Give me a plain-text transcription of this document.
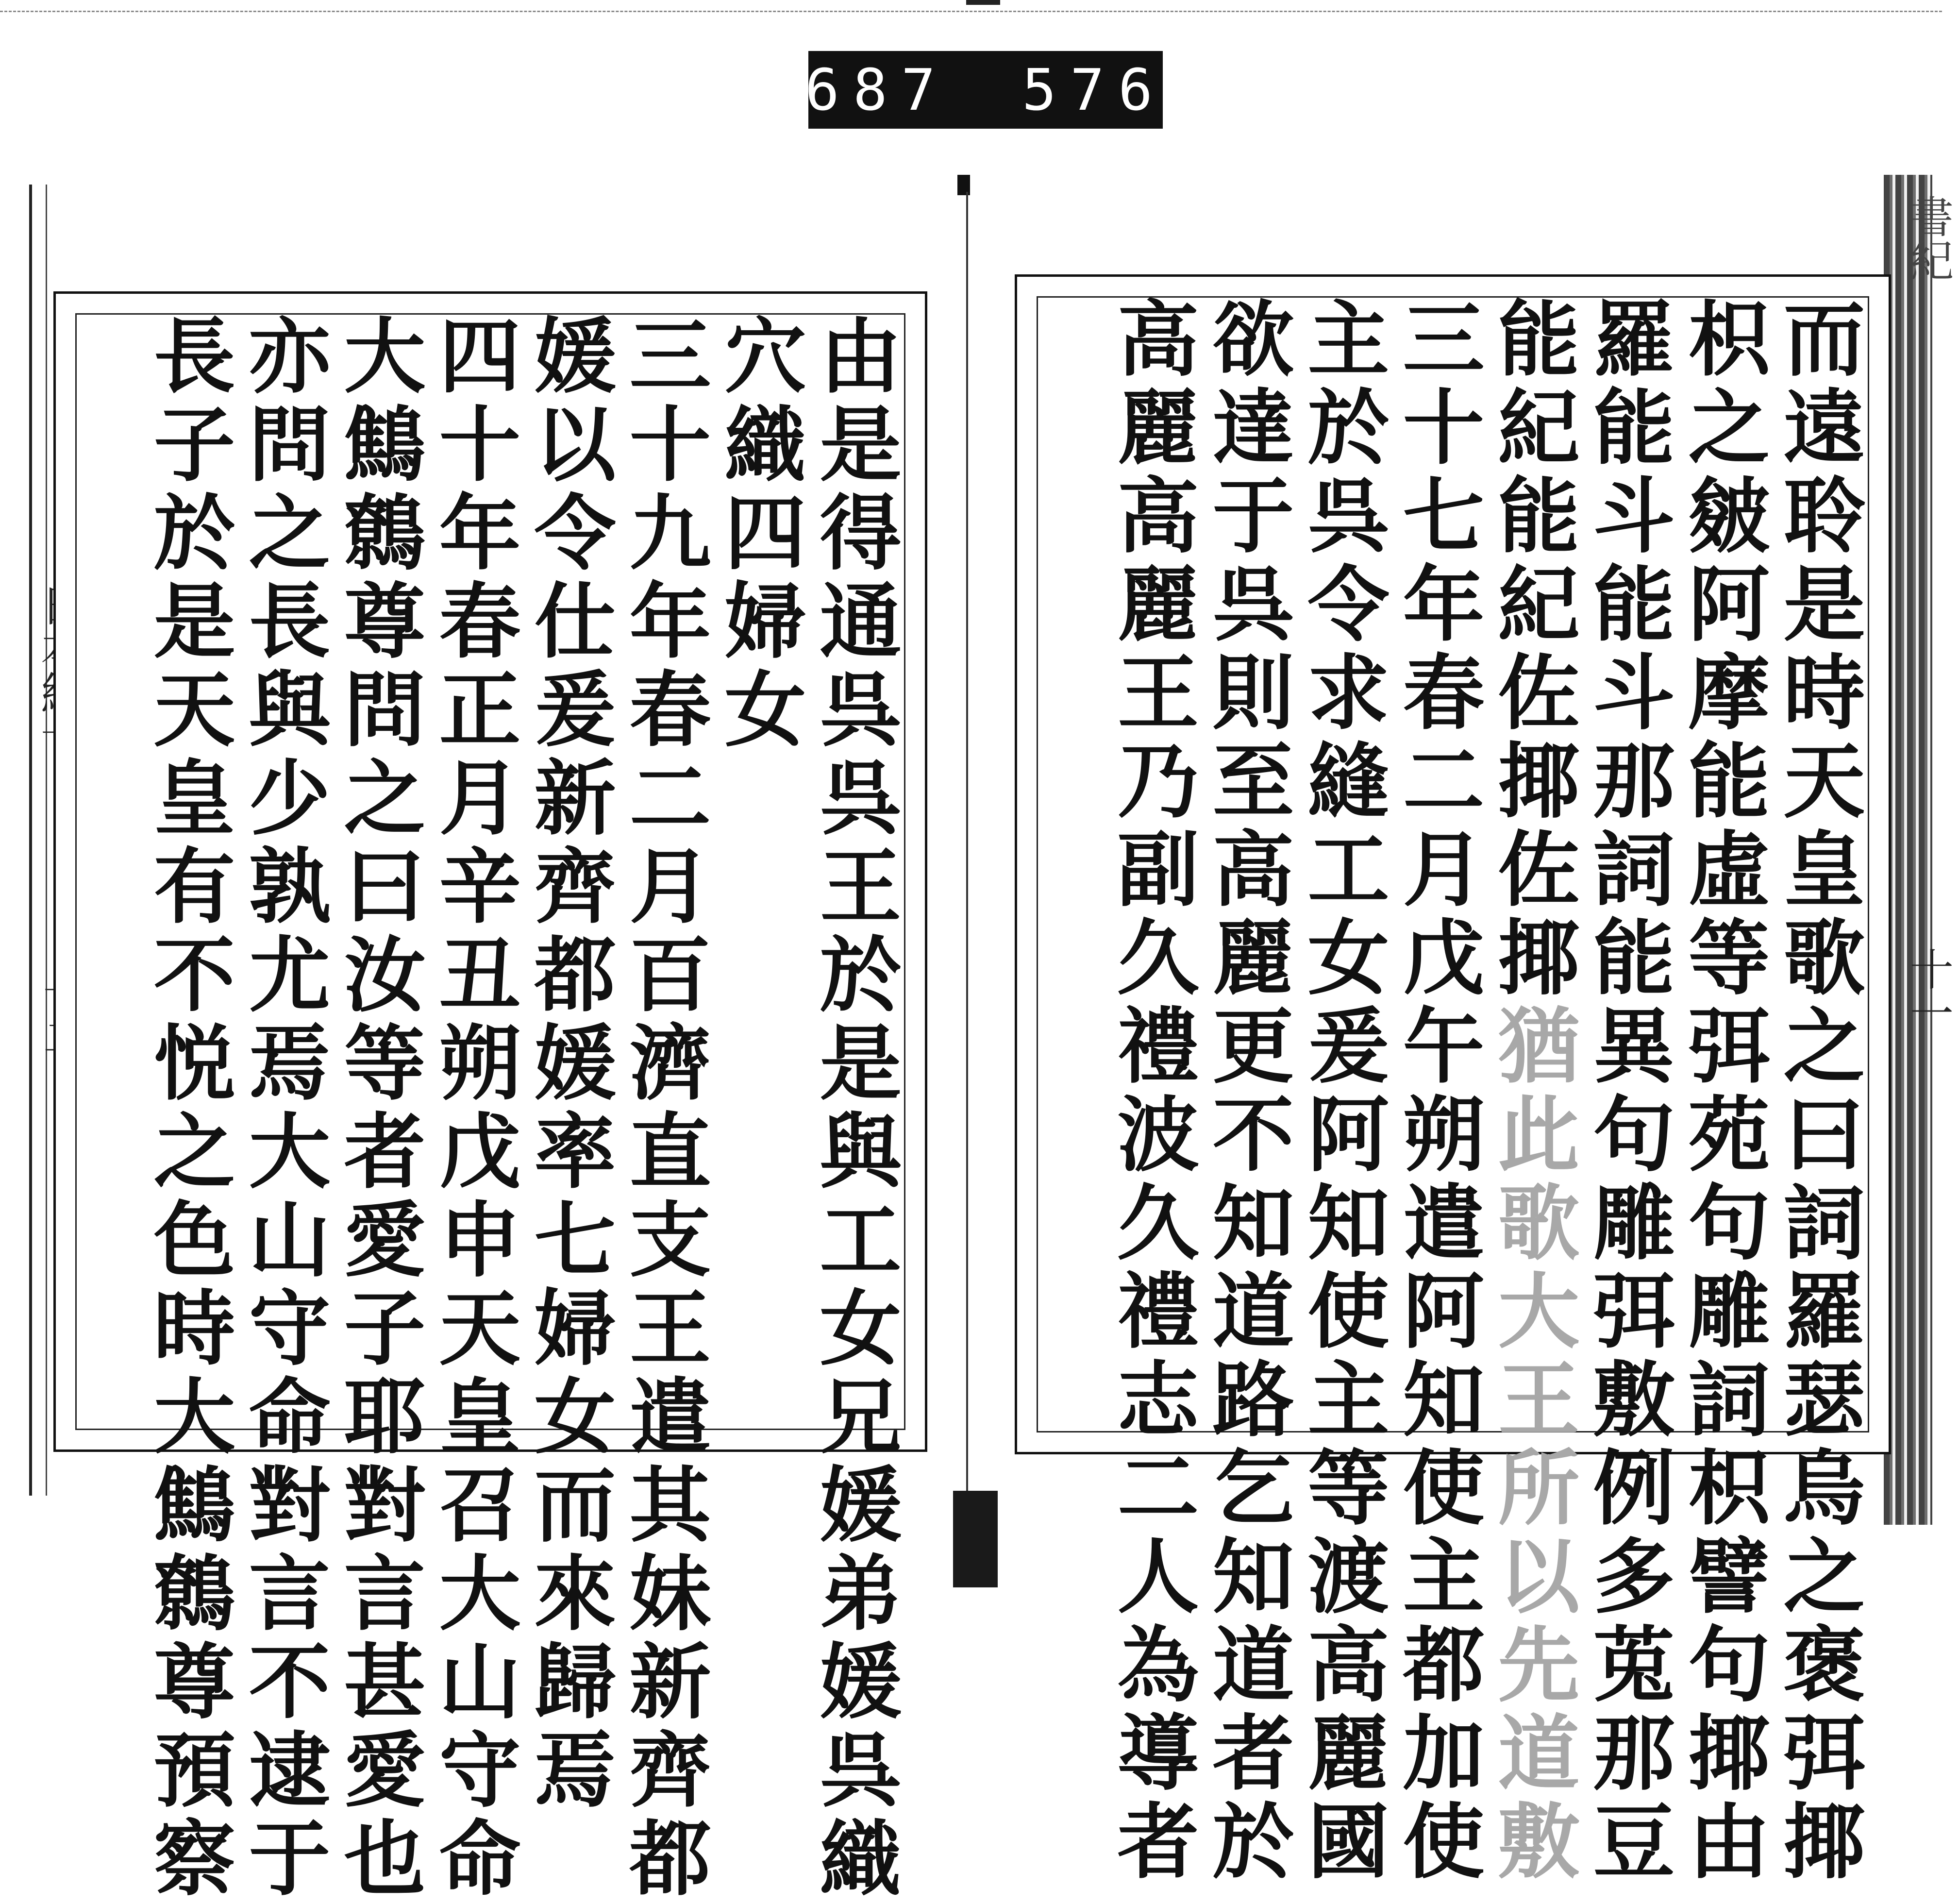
687 576
書紀
十一
由是得通呉呉王於是與工女兄媛弟媛呉織
穴織四婦女
三十九年春二月百濟直支王遣其妹新齊都
媛以令仕爰新齊都媛率七婦女而來歸焉
四十年春正月辛丑朔戊申天皇召大山守命
大鷦鷯尊問之曰汝等者愛子耶對言甚愛也
亦問之長與少孰尤焉大山守命對言不逮于
長子於是天皇有不悦之色時大鷦鷯尊預察	而遠聆是時天皇歌之曰詞羅瑟烏之褒弭揶
枳之皴阿摩能虛等弭苑句雕詞枳譬句揶由
羅能斗能斗那詞能異句雕弭敷例多莵那豆
能紀能紀佐揶佐揶猶此歌大王所以先道敷
三十七年春二月戊午朔遣阿知使主都加使
主於呉令求縫工女爰阿知使主等渡高麗國
欲達于呉則至高麗更不知道路乞知道者於
高麗高麗王乃副久禮波久禮志二人為導者
